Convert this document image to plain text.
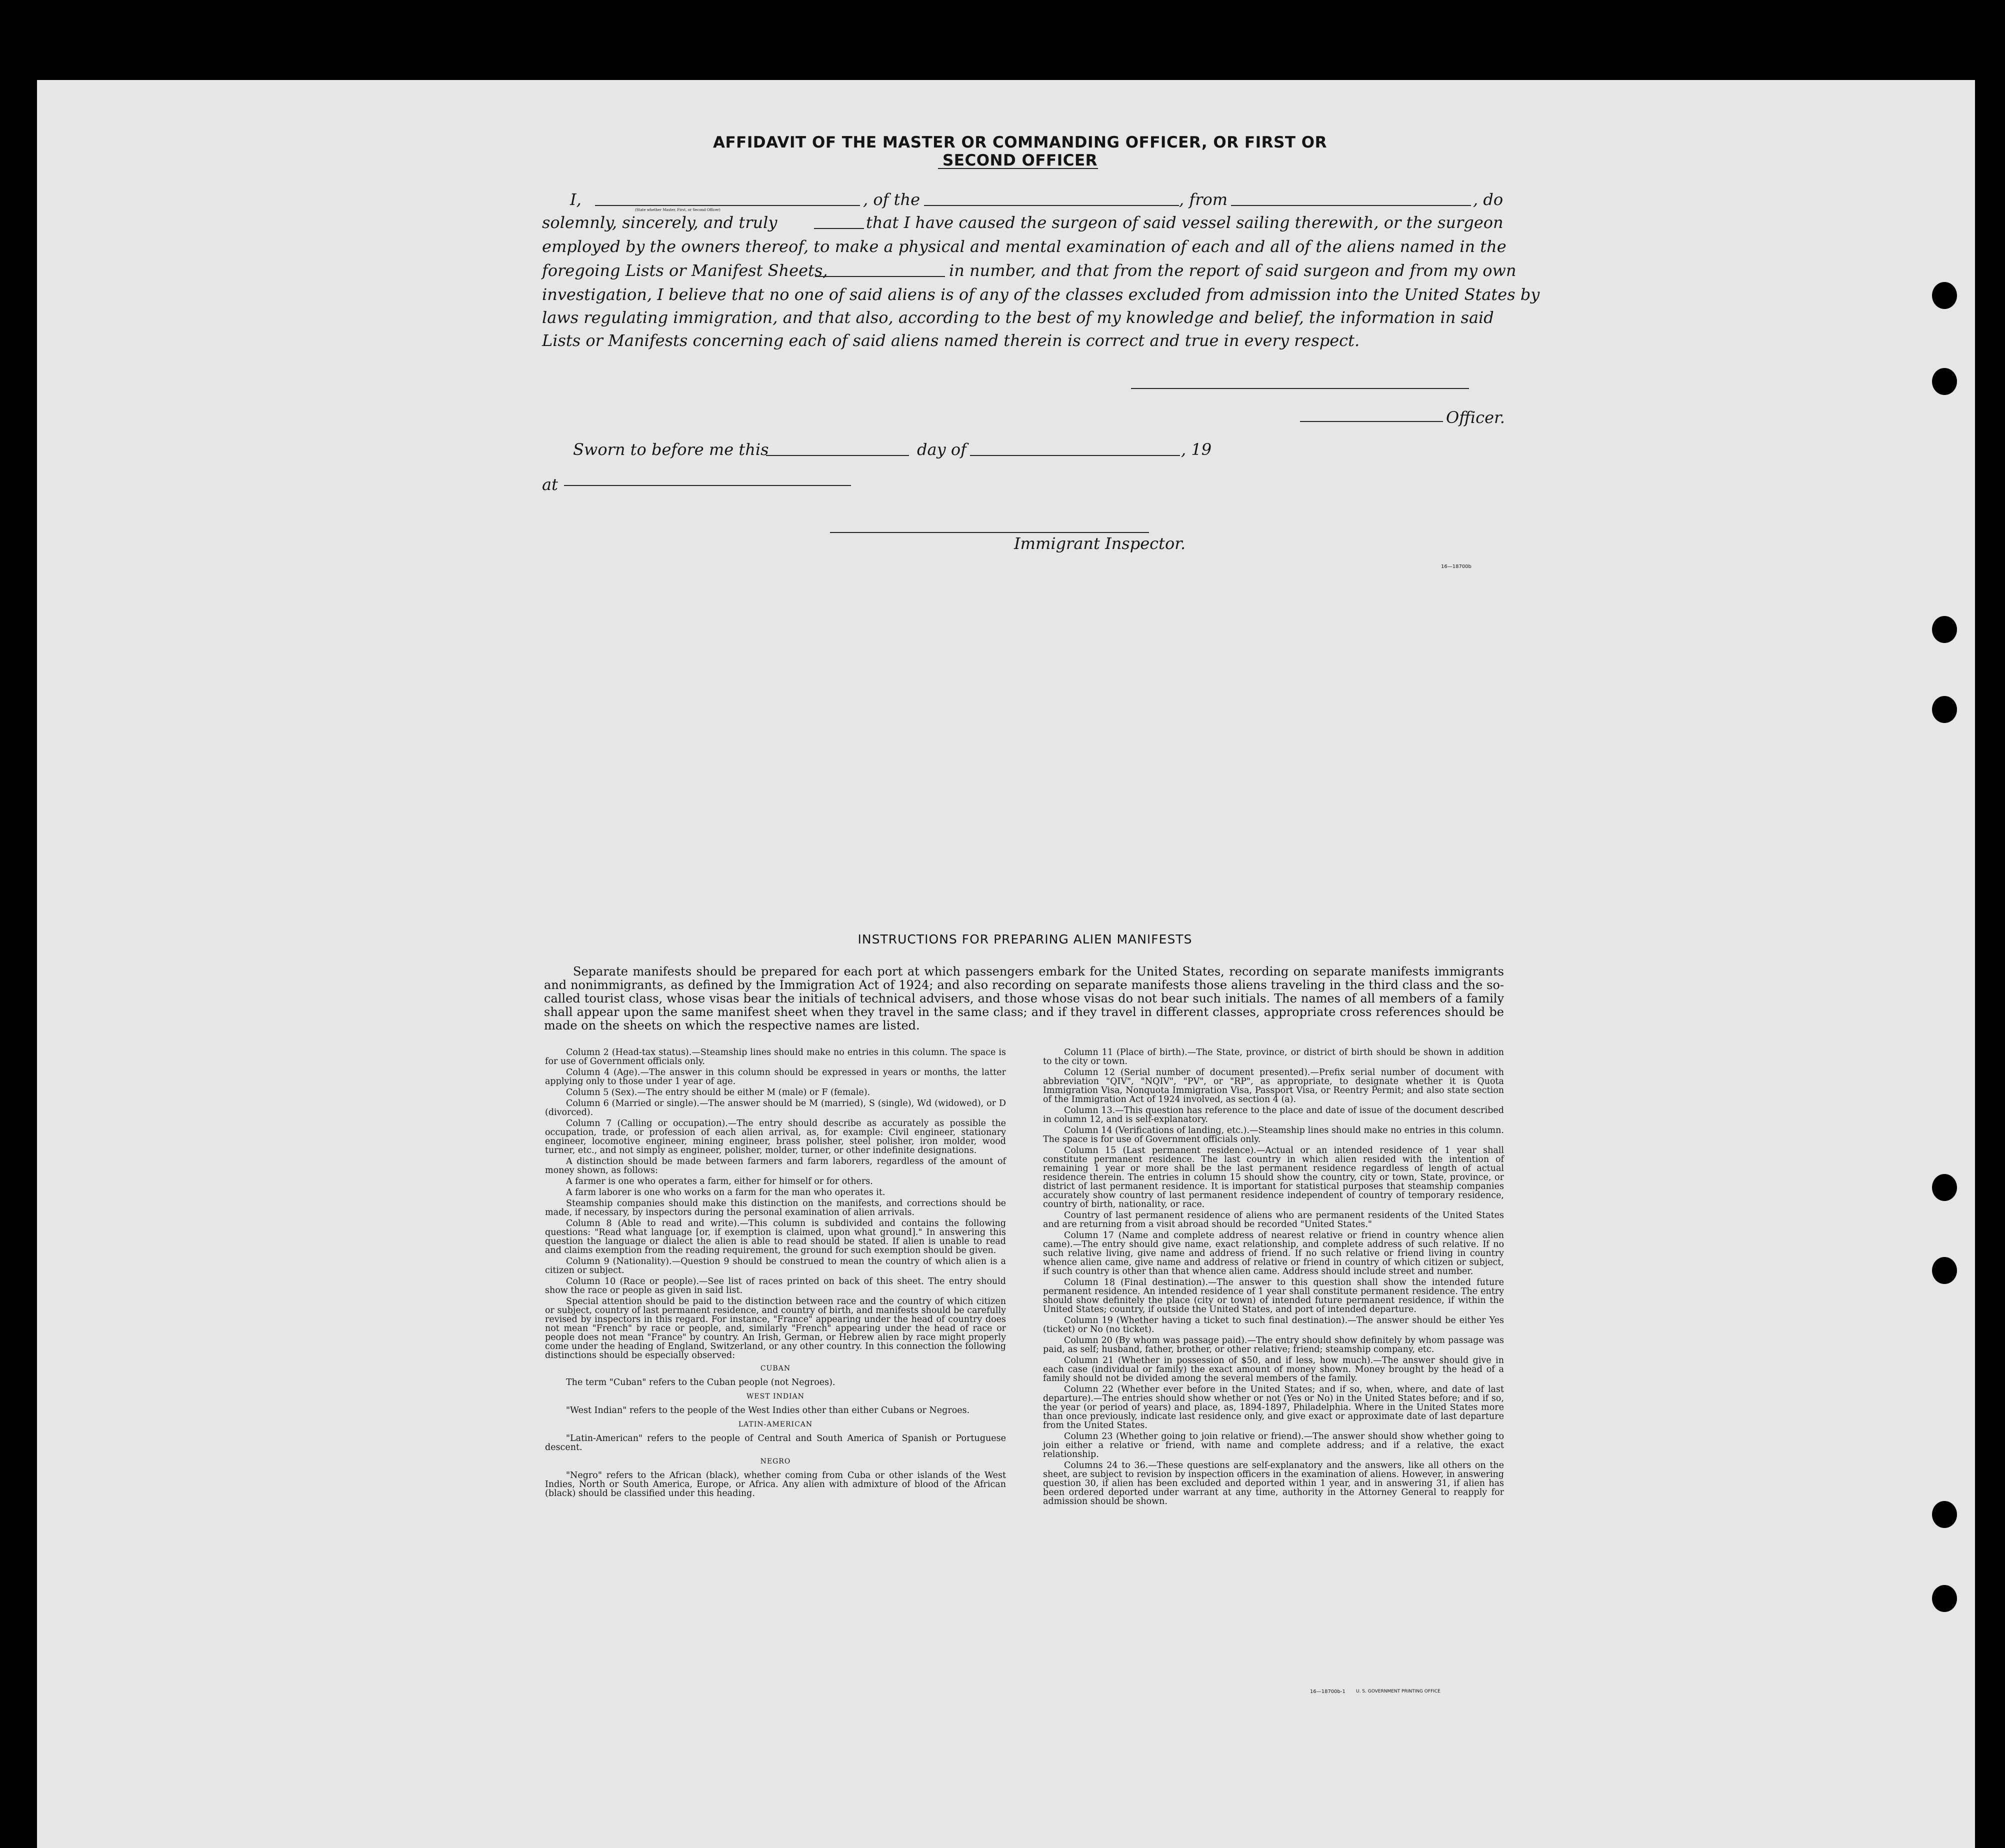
AFFIDAVIT OF THE MASTER OR COMMANDING OFFICER, OR FIRST OR SECOND OFFICER
I,
(State whether Master, First, or Second Officer)
, of the	, from	, do
solemnly, sincerely, and truly	that I have caused the surgeon of said vessel sailing therewith, or the surgeon
employed by the owners thereof, to make a physical and mental examination of each and all of the aliens named in the
foregoing Lists or Manifest Sheets,	in number, and that from the report of said surgeon and from my own
investigation, I believe that no one of said aliens is of any of the classes excluded from admission into the United States by
laws regulating immigration, and that also, according to the best of my knowledge and belief, the information in said
Lists or Manifests concerning each of said aliens named therein is correct and true in every respect.
Officer.
Sworn to before me this	day of	, 19
at
Immigrant Inspector.
16—18700b
INSTRUCTIONS FOR PREPARING ALIEN MANIFESTS
Separate manifests should be prepared for each port at which passengers embark for the United States, recording on separate manifests immigrants and nonimmigrants, as defined by the Immigration Act of 1924; and also recording on separate manifests those aliens traveling in the third class and the so-called tourist class, whose visas bear the initials of technical advisers, and those whose visas do not bear such initials. The names of all members of a family shall appear upon the same manifest sheet when they travel in the same class; and if they travel in different classes, appropriate cross references should be made on the sheets on which the respective names are listed.

Column 2 (Head-tax status).—Steamship lines should make no entries in this column. The space is for use of Government officials only.

Column 4 (Age).—The answer in this column should be expressed in years or months, the latter applying only to those under 1 year of age.

Column 5 (Sex).—The entry should be either M (male) or F (female).

Column 6 (Married or single).—The answer should be M (married), S (single), Wd (widowed), or D (divorced).

Column 7 (Calling or occupation).—The entry should describe as accurately as possible the occupation, trade, or profession of each alien arrival, as, for example: Civil engineer, stationary engineer, locomotive engineer, mining engineer, brass polisher, steel polisher, iron molder, wood turner, etc., and not simply as engineer, polisher, molder, turner, or other indefinite designations.

A distinction should be made between farmers and farm laborers, regardless of the amount of money shown, as follows:

A farmer is one who operates a farm, either for himself or for others.

A farm laborer is one who works on a farm for the man who operates it.

Steamship companies should make this distinction on the manifests, and corrections should be made, if necessary, by inspectors during the personal examination of alien arrivals.

Column 8 (Able to read and write).—This column is subdivided and contains the following questions: "Read what language [or, if exemption is claimed, upon what ground]." In answering this question the language or dialect the alien is able to read should be stated. If alien is unable to read and claims exemption from the reading requirement, the ground for such exemption should be given.

Column 9 (Nationality).—Question 9 should be construed to mean the country of which alien is a citizen or subject.

Column 10 (Race or people).—See list of races printed on back of this sheet. The entry should show the race or people as given in said list.

Special attention should be paid to the distinction between race and the country of which citizen or subject, country of last permanent residence, and country of birth, and manifests should be carefully revised by inspectors in this regard. For instance, "France" appearing under the head of country does not mean "French" by race or people, and, similarly "French" appearing under the head of race or people does not mean "France" by country. An Irish, German, or Hebrew alien by race might properly come under the heading of England, Switzerland, or any other country. In this connection the following distinctions should be especially observed:

CUBAN

The term "Cuban" refers to the Cuban people (not Negroes).

WEST INDIAN

"West Indian" refers to the people of the West Indies other than either Cubans or Negroes.

LATIN-AMERICAN

"Latin-American" refers to the people of Central and South America of Spanish or Portuguese descent.

NEGRO

"Negro" refers to the African (black), whether coming from Cuba or other islands of the West Indies, North or South America, Europe, or Africa. Any alien with admixture of blood of the African (black) should be classified under this heading.

Column 11 (Place of birth).—The State, province, or district of birth should be shown in addition to the city or town.

Column 12 (Serial number of document presented).—Prefix serial number of document with abbreviation "QIV", "NQIV", "PV", or "RP", as appropriate, to designate whether it is Quota Immigration Visa, Nonquota Immigration Visa, Passport Visa, or Reentry Permit; and also state section of the Immigration Act of 1924 involved, as section 4 (a).

Column 13.—This question has reference to the place and date of issue of the document described in column 12, and is self-explanatory.

Column 14 (Verifications of landing, etc.).—Steamship lines should make no entries in this column. The space is for use of Government officials only.

Column 15 (Last permanent residence).—Actual or an intended residence of 1 year shall constitute permanent residence. The last country in which alien resided with the intention of remaining 1 year or more shall be the last permanent residence regardless of length of actual residence therein. The entries in column 15 should show the country, city or town, State, province, or district of last permanent residence. It is important for statistical purposes that steamship companies accurately show country of last permanent residence independent of country of temporary residence, country of birth, nationality, or race.

Country of last permanent residence of aliens who are permanent residents of the United States and are returning from a visit abroad should be recorded "United States."

Column 17 (Name and complete address of nearest relative or friend in country whence alien came).—The entry should give name, exact relationship, and complete address of such relative. If no such relative living, give name and address of friend. If no such relative or friend living in country whence alien came, give name and address of relative or friend in country of which citizen or subject, if such country is other than that whence alien came. Address should include street and number.

Column 18 (Final destination).—The answer to this question shall show the intended future permanent residence. An intended residence of 1 year shall constitute permanent residence. The entry should show definitely the place (city or town) of intended future permanent residence, if within the United States; country, if outside the United States, and port of intended departure.

Column 19 (Whether having a ticket to such final destination).—The answer should be either Yes (ticket) or No (no ticket).

Column 20 (By whom was passage paid).—The entry should show definitely by whom passage was paid, as self; husband, father, brother, or other relative; friend; steamship company, etc.

Column 21 (Whether in possession of $50, and if less, how much).—The answer should give in each case (individual or family) the exact amount of money shown. Money brought by the head of a family should not be divided among the several members of the family.

Column 22 (Whether ever before in the United States; and if so, when, where, and date of last departure).—The entries should show whether or not (Yes or No) in the United States before; and if so, the year (or period of years) and place, as, 1894-1897, Philadelphia. Where in the United States more than once previously, indicate last residence only, and give exact or approximate date of last departure from the United States.

Column 23 (Whether going to join relative or friend).—The answer should show whether going to join either a relative or friend, with name and complete address; and if a relative, the exact relationship.

Columns 24 to 36.—These questions are self-explanatory and the answers, like all others on the sheet, are subject to revision by inspection officers in the examination of aliens. However, in answering question 30, if alien has been excluded and deported within 1 year, and in answering 31, if alien has been ordered deported under warrant at any time, authority in the Attorney General to reapply for admission should be shown.

16—18700b-1 U. S. GOVERNMENT PRINTING OFFICE
